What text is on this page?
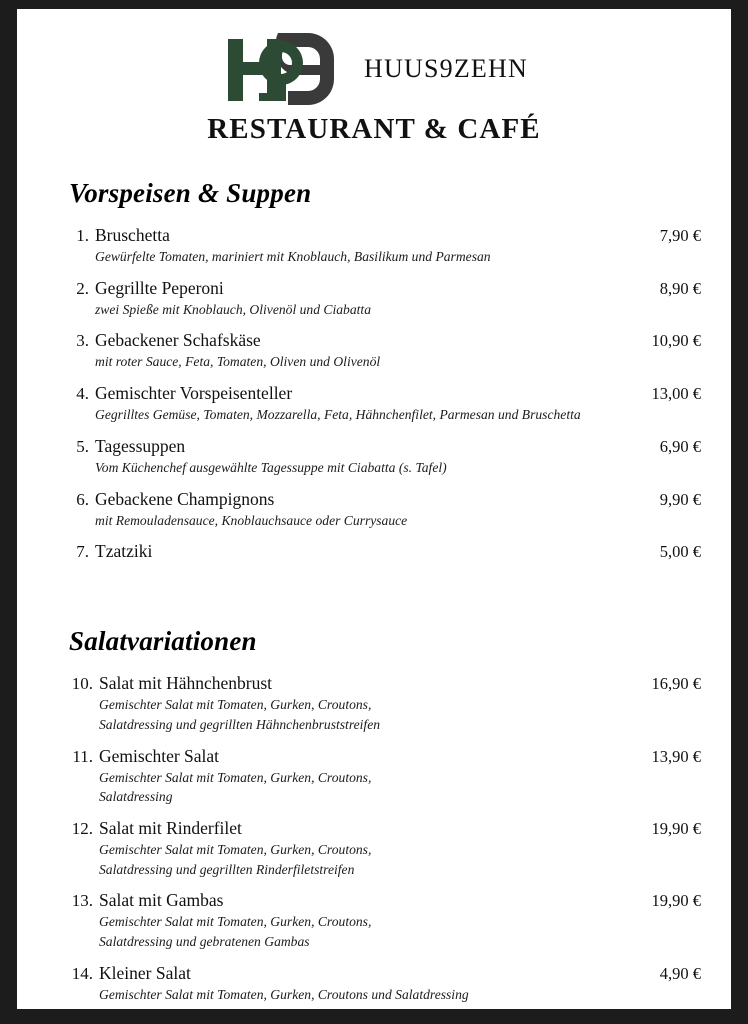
HUUS9ZEHN
RESTAURANT & CAFÉ
Vorspeisen & Suppen
1. Bruschetta	7,90 €
Gewürfelte Tomaten, mariniert mit Knoblauch, Basilikum und Parmesan
2. Gegrillte Peperoni	8,90 €
zwei Spieße mit Knoblauch, Olivenöl und Ciabatta
3. Gebackener Schafskäse	10,90 €
mit roter Sauce, Feta, Tomaten, Oliven und Olivenöl
4. Gemischter Vorspeisenteller	13,00 €
Gegrilltes Gemüse, Tomaten, Mozzarella, Feta, Hähnchenfilet, Parmesan und Bruschetta
5. Tagessuppen	6,90 €
Vom Küchenchef ausgewählte Tagessuppe mit Ciabatta (s. Tafel)
6. Gebackene Champignons	9,90 €
mit Remouladensauce, Knoblauchsauce oder Currysauce
7. Tzatziki	5,00 €
Salatvariationen
10. Salat mit Hähnchenbrust	16,90 €
Gemischter Salat mit Tomaten, Gurken, Croutons,
Salatdressing und gegrillten Hähnchenbruststreifen
11. Gemischter Salat	13,90 €
Gemischter Salat mit Tomaten, Gurken, Croutons,
Salatdressing
12. Salat mit Rinderfilet	19,90 €
Gemischter Salat mit Tomaten, Gurken, Croutons,
Salatdressing und gegrillten Rinderfiletstreifen
13. Salat mit Gambas	19,90 €
Gemischter Salat mit Tomaten, Gurken, Croutons,
Salatdressing und gebratenen Gambas
14. Kleiner Salat	4,90 €
Gemischter Salat mit Tomaten, Gurken, Croutons und Salatdressing
